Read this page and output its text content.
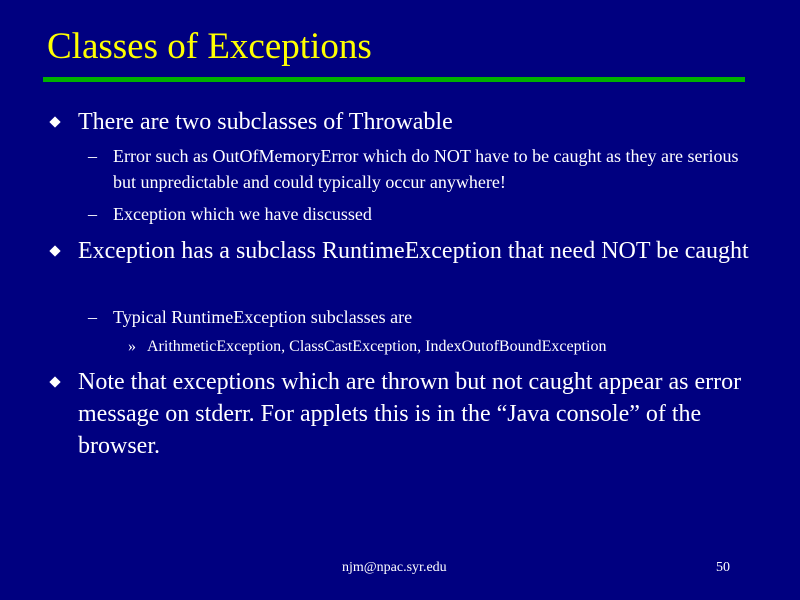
Classes of Exceptions
There are two subclasses of Throwable
– Error such as OutOfMemoryError which do NOT have to be caught as they are serious but unpredictable and could typically occur anywhere!
– Exception which we have discussed
Exception has a subclass RuntimeException that need NOT be caught
– Typical RuntimeException subclasses are
» ArithmeticException, ClassCastException, IndexOutofBoundException
Note that exceptions which are thrown but not caught appear as error message on stderr. For applets this is in the “Java console” of the browser.
njm@npac.syr.edu	50
